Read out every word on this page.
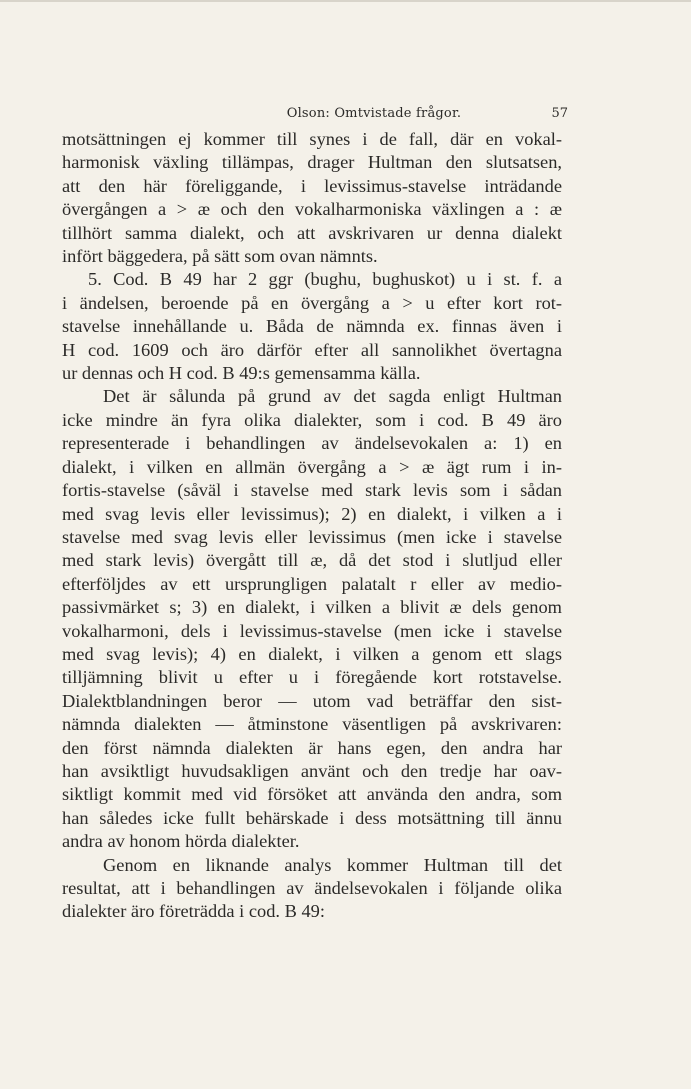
Olson: Omtvistade frågor.	57
motsättningen ej kommer till synes i de fall, där en vokal-
harmonisk växling tillämpas, drager Hultman den slutsatsen,
att den här föreliggande, i levissimus-stavelse inträdande
övergången a > æ och den vokalharmoniska växlingen a : æ
tillhört samma dialekt, och att avskrivaren ur denna dialekt
infört bäggedera, på sätt som ovan nämnts.
5. Cod. B 49 har 2 ggr (bughu, bughuskot) u i st. f. a
i ändelsen, beroende på en övergång a > u efter kort rot-
stavelse innehållande u. Båda de nämnda ex. finnas även i
H cod. 1609 och äro därför efter all sannolikhet övertagna
ur dennas och H cod. B 49:s gemensamma källa.
Det är sålunda på grund av det sagda enligt Hultman
icke mindre än fyra olika dialekter, som i cod. B 49 äro
representerade i behandlingen av ändelsevokalen a: 1) en
dialekt, i vilken en allmän övergång a > æ ägt rum i in-
fortis-stavelse (såväl i stavelse med stark levis som i sådan
med svag levis eller levissimus); 2) en dialekt, i vilken a i
stavelse med svag levis eller levissimus (men icke i stavelse
med stark levis) övergått till æ, då det stod i slutljud eller
efterföljdes av ett ursprungligen palatalt r eller av medio-
passivmärket s; 3) en dialekt, i vilken a blivit æ dels genom
vokalharmoni, dels i levissimus-stavelse (men icke i stavelse
med svag levis); 4) en dialekt, i vilken a genom ett slags
tilljämning blivit u efter u i föregående kort rotstavelse.
Dialektblandningen beror — utom vad beträffar den sist-
nämnda dialekten — åtminstone väsentligen på avskrivaren:
den först nämnda dialekten är hans egen, den andra har
han avsiktligt huvudsakligen använt och den tredje har oav-
siktligt kommit med vid försöket att använda den andra, som
han således icke fullt behärskade i dess motsättning till ännu
andra av honom hörda dialekter.
Genom en liknande analys kommer Hultman till det
resultat, att i behandlingen av ändelsevokalen i följande olika
dialekter äro företrädda i cod. B 49:
